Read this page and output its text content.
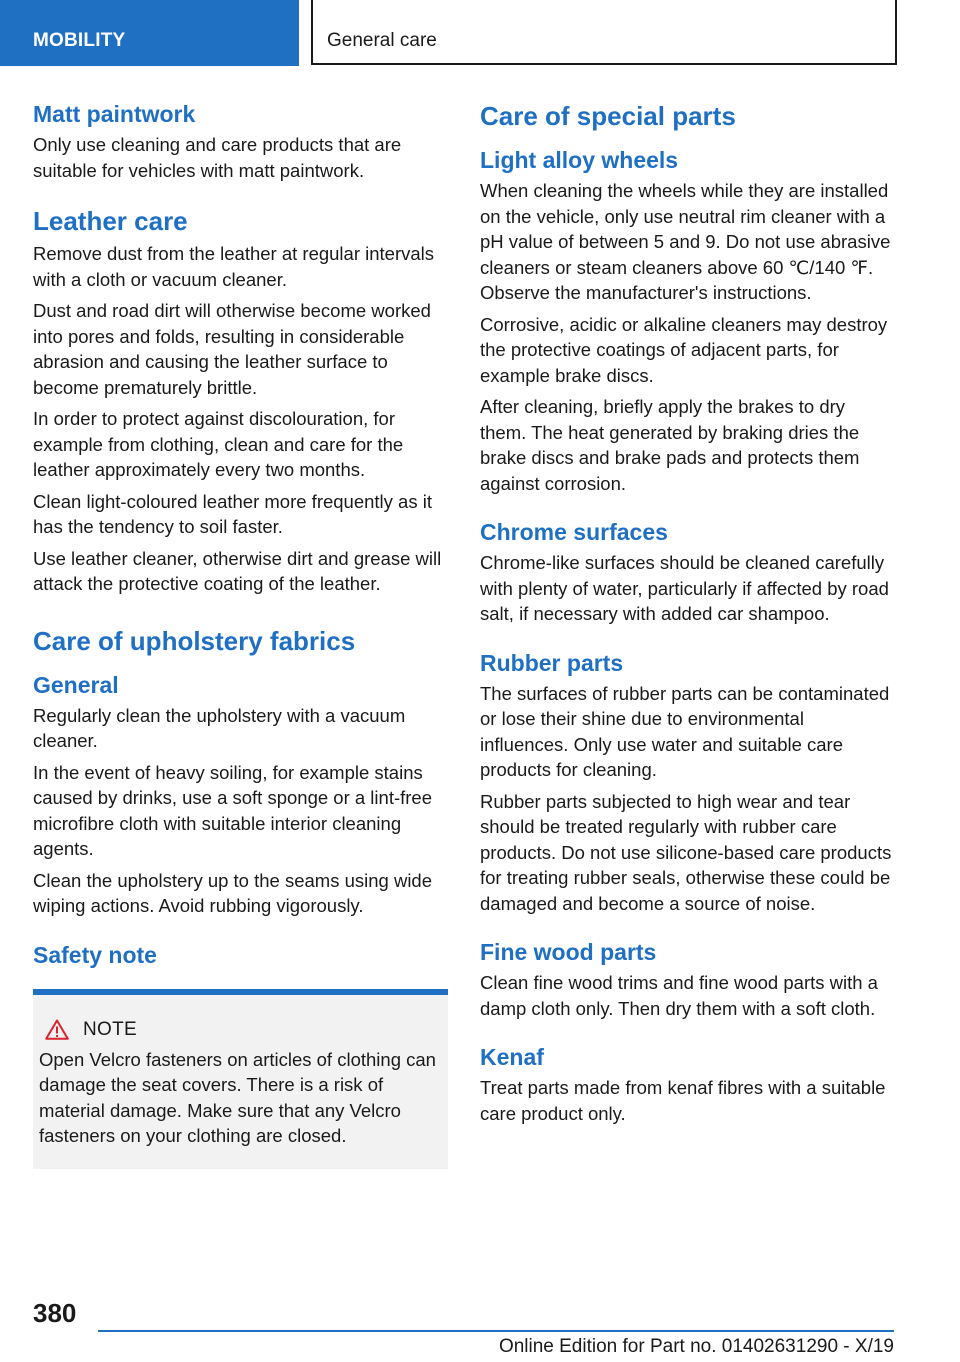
MOBILITY	General care
Matt paintwork
Only use cleaning and care products that are suitable for vehicles with matt paintwork.
Leather care
Remove dust from the leather at regular intervals with a cloth or vacuum cleaner.
Dust and road dirt will otherwise become worked into pores and folds, resulting in considerable abrasion and causing the leather surface to become prematurely brittle.
In order to protect against discolouration, for example from clothing, clean and care for the leather approximately every two months.
Clean light-coloured leather more frequently as it has the tendency to soil faster.
Use leather cleaner, otherwise dirt and grease will attack the protective coating of the leather.
Care of upholstery fabrics
General
Regularly clean the upholstery with a vacuum cleaner.
In the event of heavy soiling, for example stains caused by drinks, use a soft sponge or a lint-free microfibre cloth with suitable interior cleaning agents.
Clean the upholstery up to the seams using wide wiping actions. Avoid rubbing vigorously.
Safety note
NOTE
Open Velcro fasteners on articles of clothing can damage the seat covers. There is a risk of material damage. Make sure that any Velcro fasteners on your clothing are closed.
Care of special parts
Light alloy wheels
When cleaning the wheels while they are installed on the vehicle, only use neutral rim cleaner with a pH value of between 5 and 9. Do not use abrasive cleaners or steam cleaners above 60 ℃/140 ℉. Observe the manufacturer's instructions.
Corrosive, acidic or alkaline cleaners may destroy the protective coatings of adjacent parts, for example brake discs.
After cleaning, briefly apply the brakes to dry them. The heat generated by braking dries the brake discs and brake pads and protects them against corrosion.
Chrome surfaces
Chrome-like surfaces should be cleaned carefully with plenty of water, particularly if affected by road salt, if necessary with added car shampoo.
Rubber parts
The surfaces of rubber parts can be contaminated or lose their shine due to environmental influences. Only use water and suitable care products for cleaning.
Rubber parts subjected to high wear and tear should be treated regularly with rubber care products. Do not use silicone-based care products for treating rubber seals, otherwise these could be damaged and become a source of noise.
Fine wood parts
Clean fine wood trims and fine wood parts with a damp cloth only. Then dry them with a soft cloth.
Kenaf
Treat parts made from kenaf fibres with a suitable care product only.
380
Online Edition for Part no. 01402631290 - X/19
